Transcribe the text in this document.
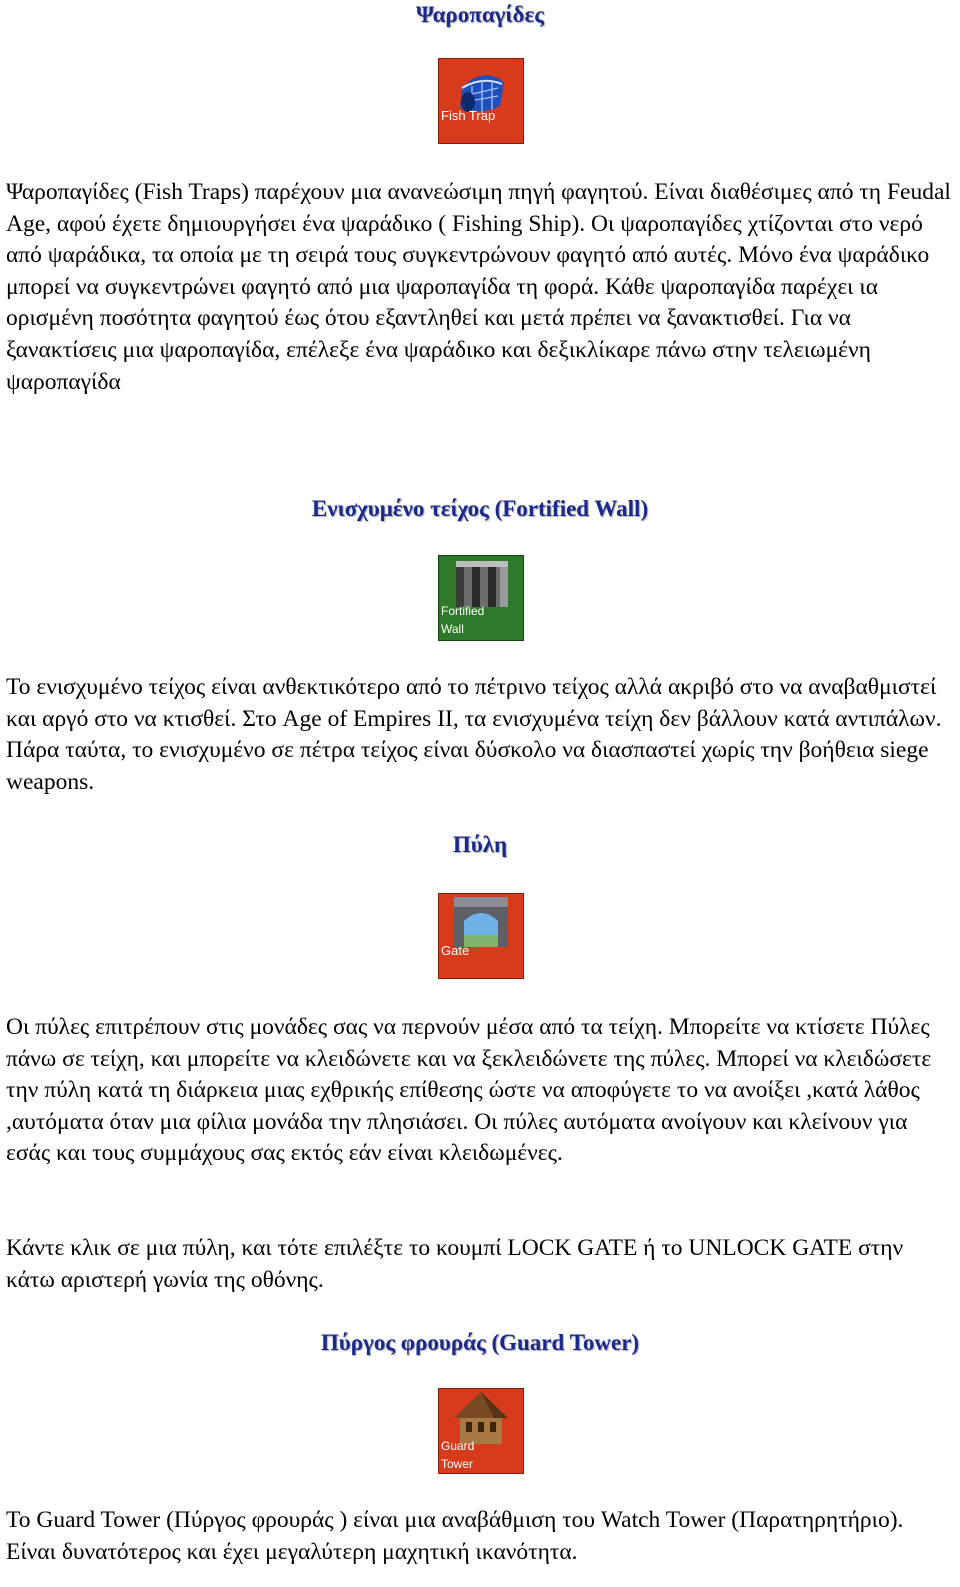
Ψαροπαγίδες
Fish Trap

Ψαροπαγίδες (Fish Traps) παρέχουν μια ανανεώσιμη πηγή φαγητού. Είναι διαθέσιμες από τη Feudal Age, αφού έχετε δημιουργήσει ένα ψαράδικο ( Fishing Ship). Οι ψαροπαγίδες χτίζονται στο νερό από ψαράδικα, τα οποία με τη σειρά τους συγκεντρώνουν φαγητό από αυτές. Μόνο ένα ψαράδικο μπορεί να συγκεντρώνει φαγητό από μια ψαροπαγίδα τη φορά. Κάθε ψαροπαγίδα παρέχει ια ορισμένη ποσότητα φαγητού έως ότου εξαντληθεί και μετά πρέπει να ξανακτισθεί. Για να ξανακτίσεις μια ψαροπαγίδα, επέλεξε ένα ψαράδικο και δεξικλίκαρε πάνω στην τελειωμένη ψαροπαγίδα

Ενισχυμένο τείχος (Fortified Wall)
Fortified
Wall

Το ενισχυμένο τείχος είναι ανθεκτικότερο από το πέτρινο τείχος αλλά ακριβό στο να αναβαθμιστεί και αργό στο να κτισθεί. Στο Age of Empires II, τα ενισχυμένα τείχη δεν βάλλουν κατά αντιπάλων. Πάρα ταύτα, το ενισχυμένο σε πέτρα τείχος είναι δύσκολο να διασπαστεί χωρίς την βοήθεια siege weapons.

Πύλη
Gate

Οι πύλες επιτρέπουν στις μονάδες σας να περνούν μέσα από τα τείχη. Μπορείτε να κτίσετε Πύλες πάνω σε τείχη, και μπορείτε να κλειδώνετε και να ξεκλειδώνετε της πύλες. Μπορεί να κλειδώσετε την πύλη κατά τη διάρκεια μιας εχθρικής επίθεσης ώστε να αποφύγετε το να ανοίξει ,κατά λάθος ,αυτόματα όταν μια φίλια μονάδα την πλησιάσει. Οι πύλες αυτόματα ανοίγουν και κλείνουν για εσάς και τους συμμάχους σας εκτός εάν είναι κλειδωμένες.

Κάντε κλικ σε μια πύλη, και τότε επιλέξτε το κουμπί LOCK GATE ή το UNLOCK GATE στην κάτω αριστερή γωνία της οθόνης.

Πύργος φρουράς (Guard Tower)
Guard
Tower

Το Guard Tower (Πύργος φρουράς ) είναι μια αναβάθμιση του Watch Tower (Παρατηρητήριο). Είναι δυνατότερος και έχει μεγαλύτερη μαχητική ικανότητα.
